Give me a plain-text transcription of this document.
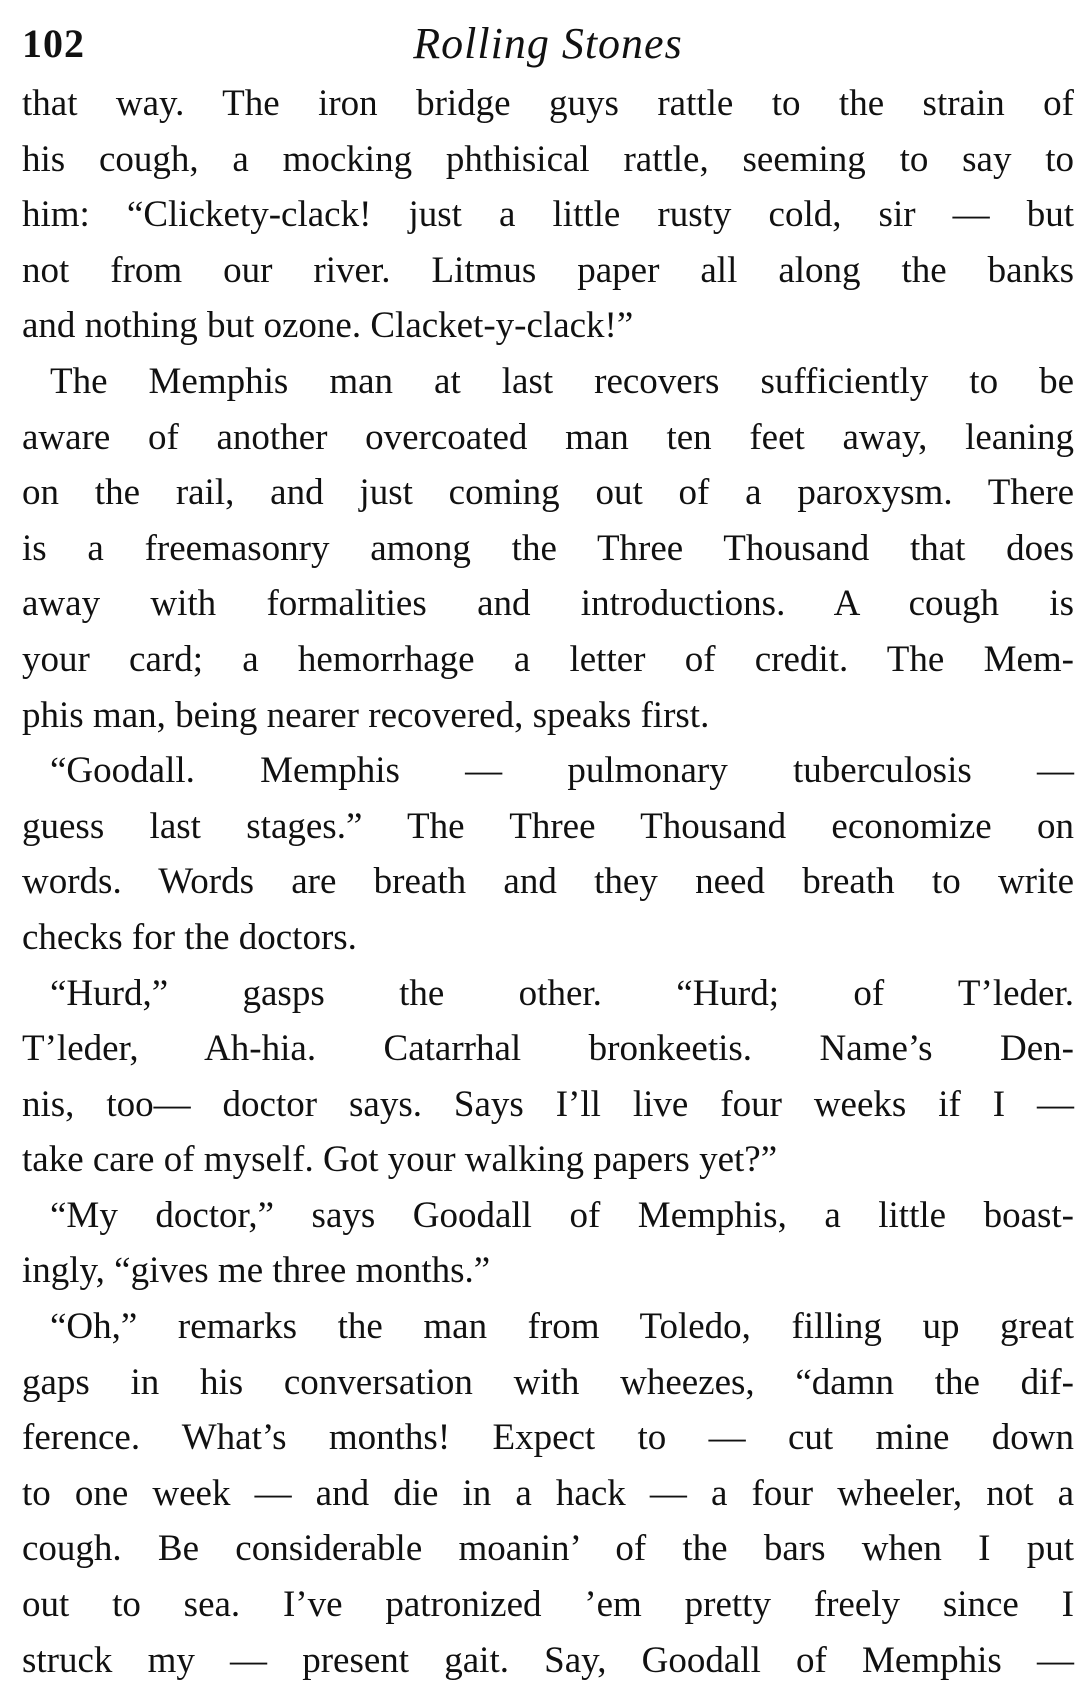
102	Rolling Stones
that way. The iron bridge guys rattle to the strain of
his cough, a mocking phthisical rattle, seeming to say to
him: “Clickety-clack! just a little rusty cold, sir — but
not from our river. Litmus paper all along the banks
and nothing but ozone. Clacket-y-clack!”
The Memphis man at last recovers sufficiently to be
aware of another overcoated man ten feet away, leaning
on the rail, and just coming out of a paroxysm. There
is a freemasonry among the Three Thousand that does
away with formalities and introductions. A cough is
your card; a hemorrhage a letter of credit. The Mem-
phis man, being nearer recovered, speaks first.
“Goodall. Memphis — pulmonary tuberculosis —
guess last stages.” The Three Thousand economize on
words. Words are breath and they need breath to write
checks for the doctors.
“Hurd,” gasps the other. “Hurd; of T’leder.
T’leder, Ah-hia. Catarrhal bronkeetis. Name’s Den-
nis, too— doctor says. Says I’ll live four weeks if I —
take care of myself. Got your walking papers yet?”
“My doctor,” says Goodall of Memphis, a little boast-
ingly, “gives me three months.”
“Oh,” remarks the man from Toledo, filling up great
gaps in his conversation with wheezes, “damn the dif-
ference. What’s months! Expect to — cut mine down
to one week — and die in a hack — a four wheeler, not a
cough. Be considerable moanin’ of the bars when I put
out to sea. I’ve patronized ’em pretty freely since I
struck my — present gait. Say, Goodall of Memphis —
